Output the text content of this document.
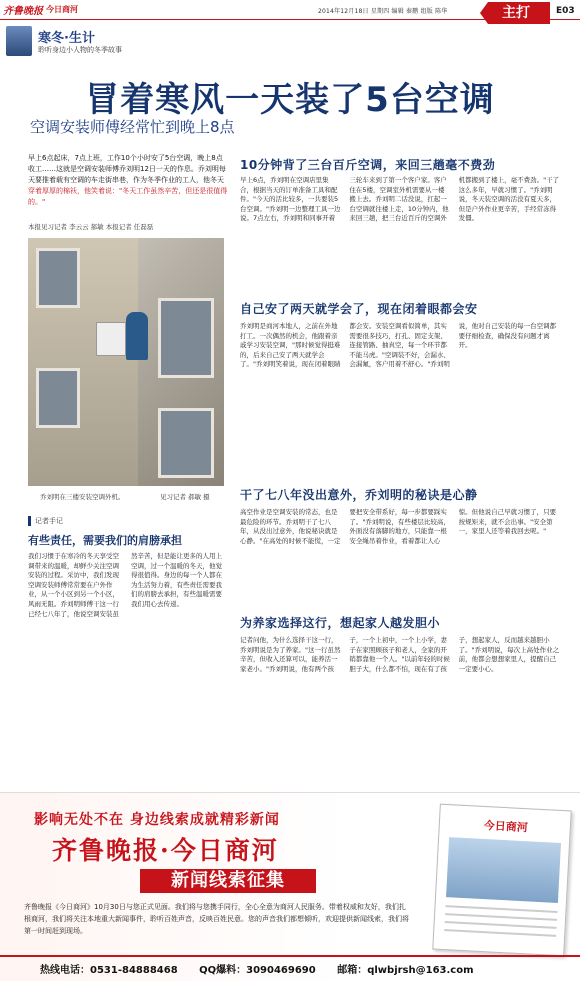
齐鲁晚报 今日商河	2014年12月18日 星期四 编辑 秦鹏 组版 陈华	主打	E03
寒冬·生计
聆听身边小人物的冬季故事
冒着寒风一天装了5台空调
空调安装师傅经常忙到晚上8点
早上6点起床，7点上班，工作10个小时安了5台空调，晚上8点收工……这就是空调安装师傅乔刘明12日一天的作息。乔刘明每天要推着载有空调的车走街串巷，作为冬季作业的工人，他冬天穿着厚厚的棉袄，他笑着说："冬天工作虽然辛苦，但还是很值得的。"
本报见习记者 李云云 郝敏 本报记者 任磊磊
乔刘明在三楼安装空调外机。	见习记者 郝敏 摄
记者手记
有些责任，需要我们的肩膀承担
我们习惯于在寒冷的冬天享受空调带来的温暖，却鲜少关注空调安装的过程。采访中，我们发现空调安装师傅常常要在户外作业，从一个小区到另一个小区，风雨无阻。乔刘明师傅干这一行已经七八年了，他说空调安装虽然辛苦，但是能让更多的人用上空调，过一个温暖的冬天，他觉得很值得。身边的每一个人都在为生活努力着，有些责任需要我们的肩膀去承担，有些温暖需要我们用心去传递。
10分钟背了三台百斤空调，来回三趟毫不费劲
早上6点，乔刘明在空调店里集合，根据当天的订单准备工具和配件。"今天的活比较多，一共要装5台空调。"乔刘明一边整理工具一边说。7点左右，乔刘明和同事开着三轮车来到了第一个客户家。客户住在5楼，空调室外机需要从一楼搬上去。乔刘明二话没说，扛起一台空调就往楼上走，10分钟内，他来回三趟，把三台近百斤的空调外机都搬到了楼上，毫不费劲。"干了这么多年，早就习惯了。"乔刘明说，冬天装空调的活没有夏天多，但是户外作业更辛苦，手经常冻得发僵。
自己安了两天就学会了，现在闭着眼都会安
乔刘明是商河本地人，之前在外地打工。一次偶然的机会，他跟着亲戚学习安装空调，"那时候觉得挺难的，后来自己安了两天就学会了。"乔刘明笑着说，现在闭着眼睛都会安。安装空调看似简单，其实需要很多技巧，打孔、固定支架、连接管路、抽真空，每一个环节都不能马虎。"空调装不好，会漏水、会漏氟，客户用着不舒心。"乔刘明说，他对自己安装的每一台空调都要仔细检查，确保没有问题才离开。
干了七八年没出意外，乔刘明的秘诀是心静
高空作业是空调安装的常态，也是最危险的环节。乔刘明干了七八年，从没出过意外，他说秘诀就是心静。"在高处的时候不能慌，一定要把安全带系好，每一步都要踩实了。"乔刘明说，有些楼层比较高，外面没有落脚的地方，只能靠一根安全绳吊着作业，看着都让人心惊。但他说自己早就习惯了，只要按规矩来，就不会出事。"安全第一，家里人还等着我回去呢。"
为养家选择这行，想起家人越发胆小
记者问他，为什么选择干这一行，乔刘明说是为了养家。"这一行虽然辛苦，但收入还算可以，能养活一家老小。"乔刘明说，他有两个孩子，一个上初中，一个上小学，妻子在家照顾孩子和老人，全家的开销都靠他一个人。"以前年轻的时候胆子大，什么都不怕，现在有了孩子，想起家人，反而越来越胆小了。"乔刘明说，每次上高处作业之前，他都会想想家里人，提醒自己一定要小心。
影响无处不在 身边线索成就精彩新闻
齐鲁晚报·今日商河
新闻线索征集
齐鲁晚报《今日商河》10月30日与您正式见面。我们将与您携手同行，全心全意为商河人民服务。带着权威和友好，我们扎根商河，我们将关注本地重大新闻事件，聆听百姓声音，反映百姓民意。您的声音我们都想倾听，欢迎提供新闻线索，我们将第一时间赶到现场。
今日商河
热线电话：0531-84888468 QQ爆料：3090469690 邮箱：qlwbjrsh@163.com
